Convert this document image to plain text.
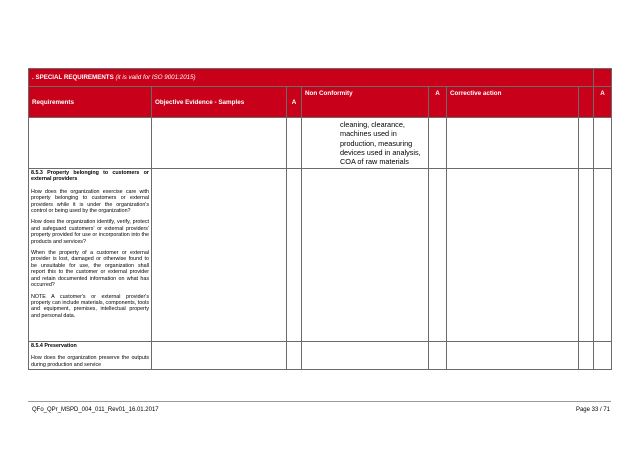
. SPECIAL REQUIREMENTS (it is valid for ISO 9001:2015)							
Requirements	Objective Evidence - Samples	A	Non Conformity	A	Corrective action		A
			cleaning, clearance, machines used in production, measuring devices used in analysis, COA of raw materials				

8.5.3 Property belonging to customers or external providers

How does the organization exercise care with property belonging to customers or external providers while it is under the organization's control or being used by the organization?

How does the organization identify, verify, protect and safeguard customers' or external providers' property provided for use or incorporation into the products and services?

When the property of a customer or external provider is lost, damaged or otherwise found to be unsuitable for use, the organization shall report this to the customer or external provider and retain documented information on what has occurred?

NOTE A customer's or external provider's property can include materials, components, tools and equipment, premises, intellectual property and personal data.							

8.5.4 Preservation

How does the organization preserve the outputs during production and service							

QFo_QPr_MSPD_004_011_Rev01_16.01.2017	Page 33 / 71
